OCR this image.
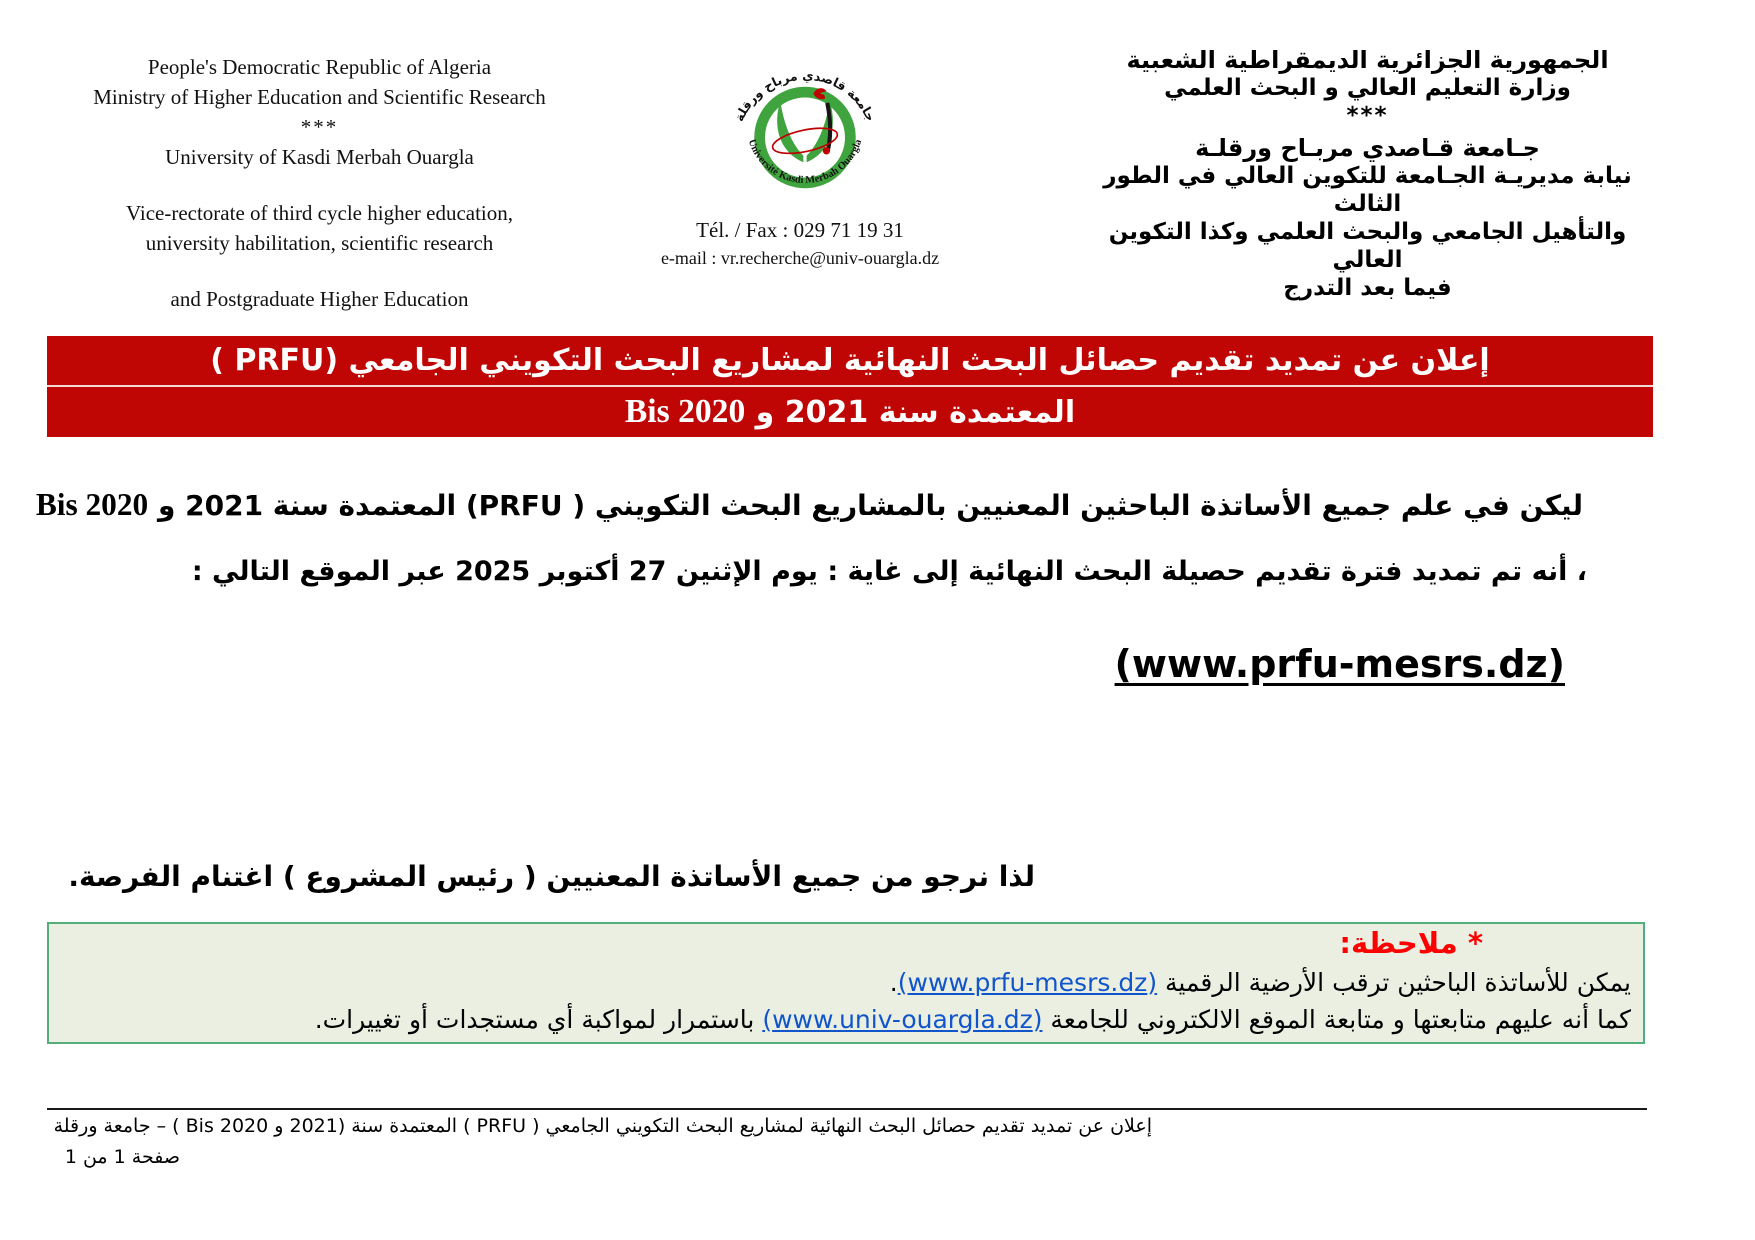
People's Democratic Republic of Algeria
Ministry of Higher Education and Scientific Research
***
University of Kasdi Merbah Ouargla
Vice-rectorate of third cycle higher education,
university habilitation, scientific research
and Postgraduate Higher Education
جامعة قاصدي مرباح ورقلة
Université Kasdi Merbah Ouargla
Tél. / Fax : 029 71 19 31
e-mail : vr.recherche@univ-ouargla.dz
الجمهورية الجزائرية الديمقراطية الشعبية
وزارة التعليم العالي و البحث العلمي
***
جـامعة قـاصدي مربـاح ورقلـة
نيابة مديريـة الجـامعة للتكوين العالي في الطور الثالث
والتأهيل الجامعي والبحث العلمي وكذا التكوين العالي
فيما بعد التدرج
إعلان عن تمديد تقديم حصائل البحث النهائية لمشاريع البحث التكويني الجامعي (PRFU )
المعتمدة سنة 2021 و Bis 2020
ليكن في علم جميع الأساتذة الباحثين المعنيين بالمشاريع البحث التكويني ( PRFU) المعتمدة سنة 2021 و Bis 2020
، أنه تم تمديد فترة تقديم حصيلة البحث النهائية إلى غاية : يوم الإثنين 27 أكتوبر 2025 عبر الموقع التالي :
(www.prfu-mesrs.dz)
لذا نرجو من جميع الأساتذة المعنيين ( رئيس المشروع ) اغتنام الفرصة.
* ملاحظة:
يمكن للأساتذة الباحثين ترقب الأرضية الرقمية (www.prfu-mesrs.dz).
كما أنه عليهم متابعتها و متابعة الموقع الالكتروني للجامعة (www.univ-ouargla.dz) باستمرار لمواكبة أي مستجدات أو تغييرات.
إعلان عن تمديد تقديم حصائل البحث النهائية لمشاريع البحث التكويني الجامعي ( PRFU ) المعتمدة سنة (2021 و Bis 2020 ) – جامعة ورقلة
صفحة 1 من 1
